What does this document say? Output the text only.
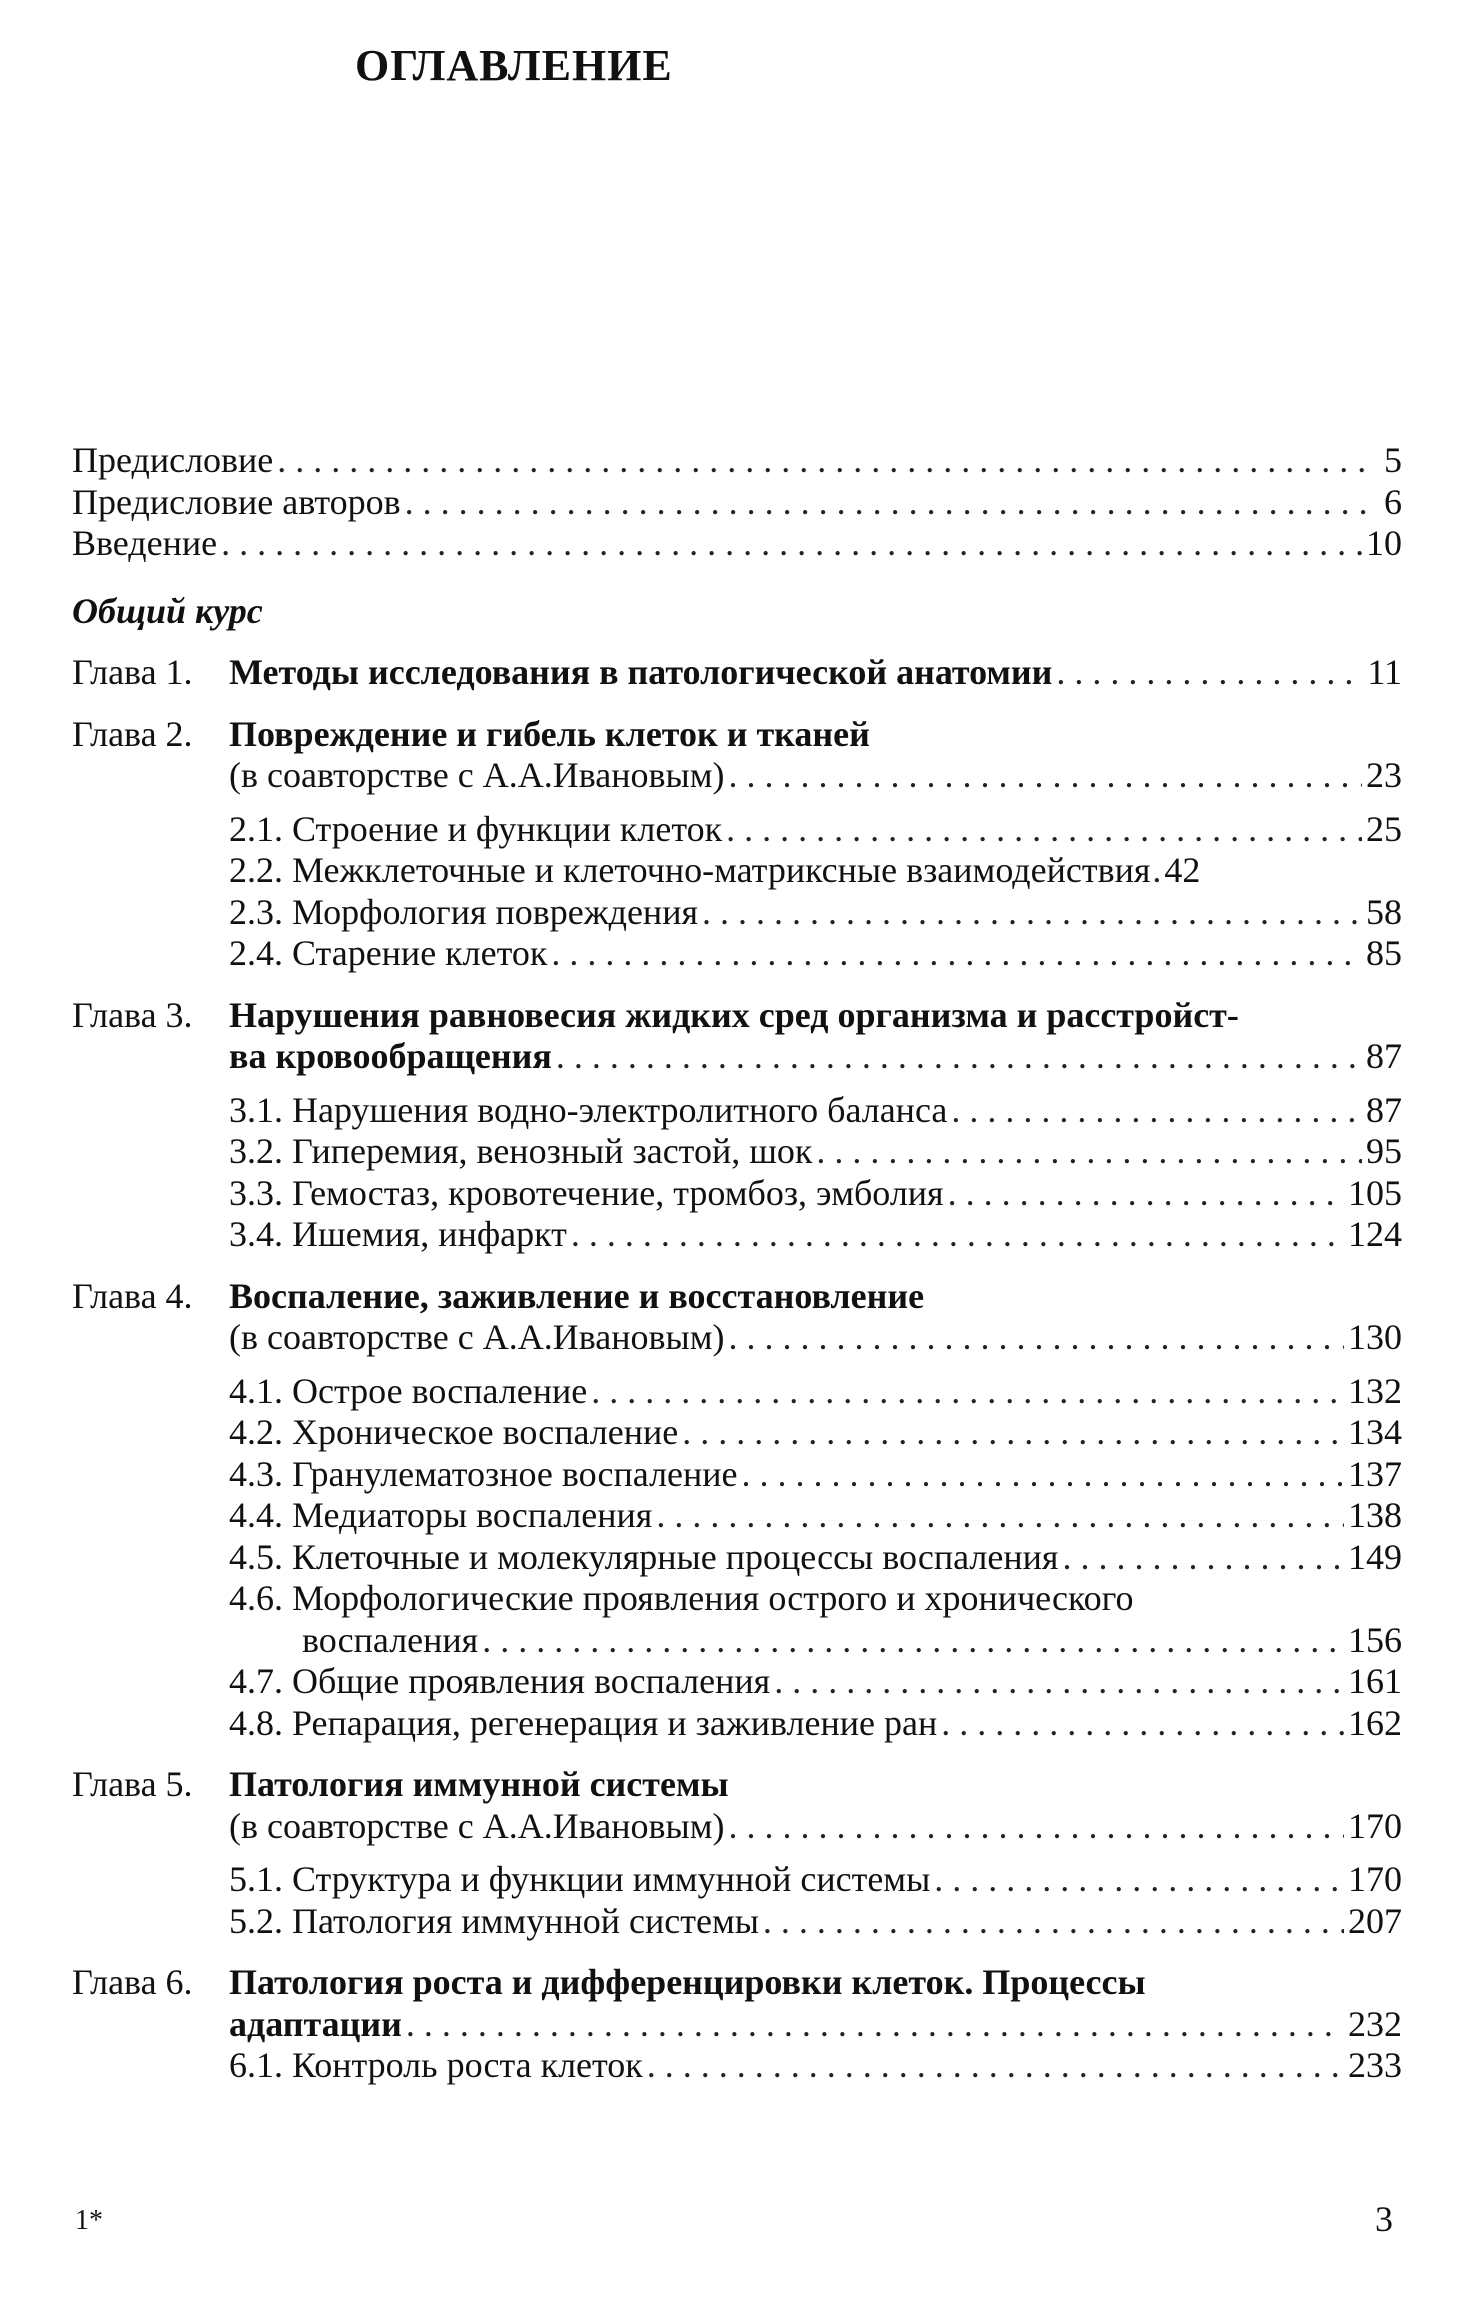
ОГЛАВЛЕНИЕ
Предисловие . . .	5
Предисловие авторов . . .	6
Введение . . .	10
Общий курс
Глава 1.	Методы исследования в патологической анатомии . . .	11
Глава 2.	Повреждение и гибель клеток и тканей
(в соавторстве с А.А.Ивановым) . . .	23
2.1. Строение и функции клеток . . .	25
2.2. Межклеточные и клеточно-матриксные взаимодействия . . . 42
2.3. Морфология повреждения . . .	58
2.4. Старение клеток . . .	85
Глава 3.	Нарушения равновесия жидких сред организма и расстройст-
ва кровообращения . . .	87
3.1. Нарушения водно-электролитного баланса . . .	87
3.2. Гиперемия, венозный застой, шок . . .	95
3.3. Гемостаз, кровотечение, тромбоз, эмболия . . .	105
3.4. Ишемия, инфаркт . . .	124
Глава 4.	Воспаление, заживление и восстановление
(в соавторстве с А.А.Ивановым) . . .	130
4.1. Острое воспаление . . .	132
4.2. Хроническое воспаление . . .	134
4.3. Гранулематозное воспаление . . .	137
4.4. Медиаторы воспаления . . .	138
4.5. Клеточные и молекулярные процессы воспаления . . .	149
4.6. Морфологические проявления острого и хронического
воспаления . . .	156
4.7. Общие проявления воспаления . . .	161
4.8. Репарация, регенерация и заживление ран . . .	162
Глава 5.	Патология иммунной системы
(в соавторстве с А.А.Ивановым) . . .	170
5.1. Структура и функции иммунной системы . . .	170
5.2. Патология иммунной системы . . .	207
Глава 6.	Патология роста и дифференцировки клеток. Процессы
адаптации . . .	232
6.1. Контроль роста клеток . . .	233
1*	3
